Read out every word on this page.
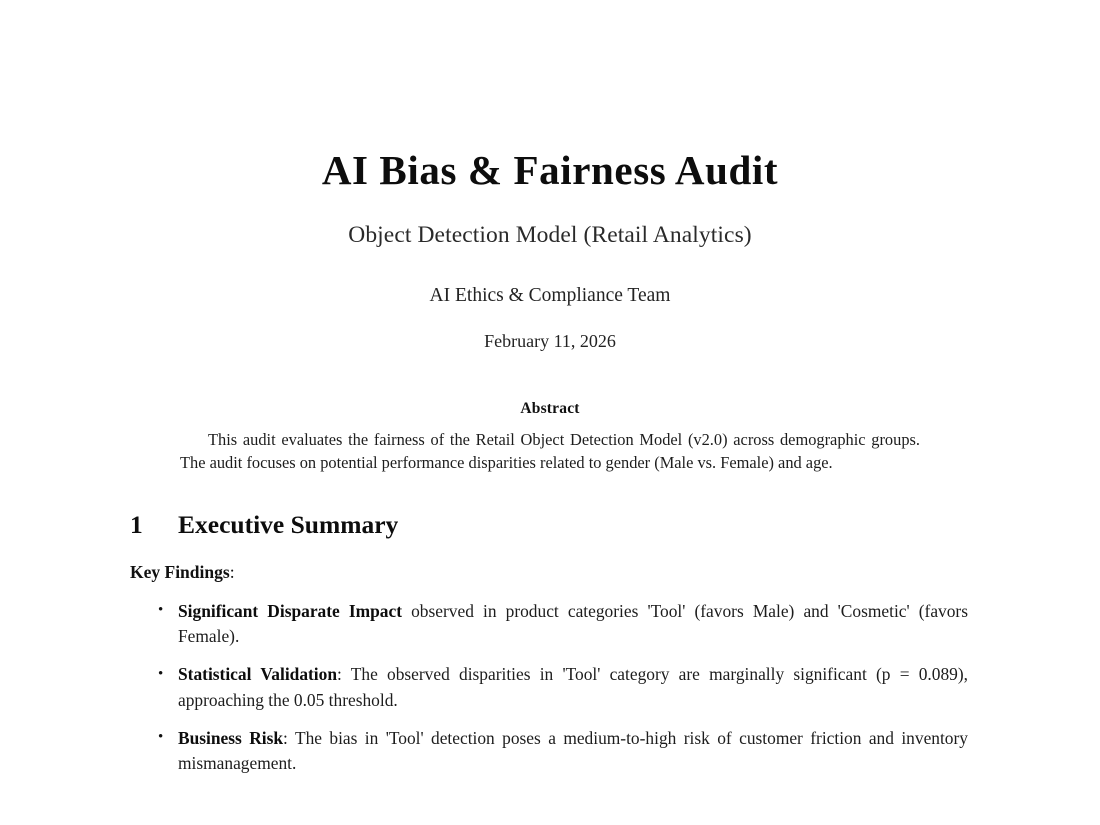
AI Bias & Fairness Audit
Object Detection Model (Retail Analytics)
AI Ethics & Compliance Team
February 11, 2026
Abstract

This audit evaluates the fairness of the Retail Object Detection Model (v2.0) across demographic groups. The audit focuses on potential performance disparities related to gender (Male vs. Female) and age.

1	Executive Summary
Key Findings:
• Significant Disparate Impact observed in product categories 'Tool' (favors Male) and 'Cosmetic' (favors Female).
• Statistical Validation: The observed disparities in 'Tool' category are marginally significant (p = 0.089), approaching the 0.05 threshold.
• Business Risk: The bias in 'Tool' detection poses a medium-to-high risk of customer friction and inventory mismanagement.
